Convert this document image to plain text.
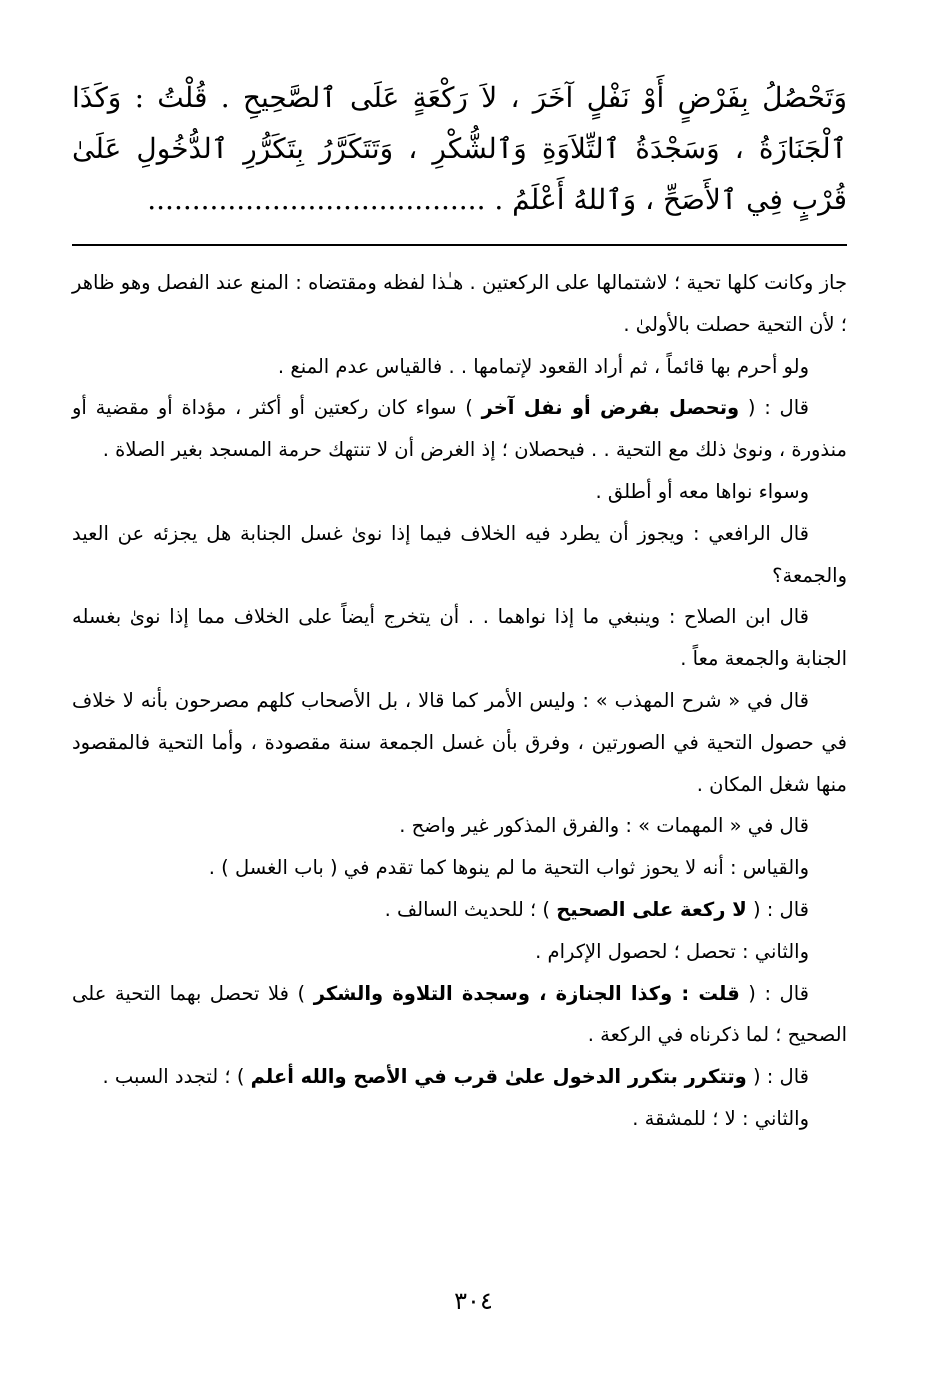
وَتَحْصُلُ بِفَرْضٍ أَوْ نَفْلٍ آخَرَ ، لاَ رَكْعَةٍ عَلَى ٱلصَّحِيحِ . قُلْتُ : وَكَذَا ٱلْجَنَازَةُ ، وَسَجْدَةُ ٱلتِّلاَوَةِ وَٱلشُّكْرِ ، وَتَتَكَرَّرُ بِتَكَرُّرِ ٱلدُّخُولِ عَلَىٰ قُرْبٍ فِي ٱلأَصَحِّ ، وَٱللهُ أَعْلَمُ . ......................................

جاز وكانت كلها تحية ؛ لاشتمالها على الركعتين . هـٰذا لفظه ومقتضاه : المنع عند الفصل وهو ظاهر ؛ لأن التحية حصلت بالأولىٰ .

ولو أحرم بها قائماً ، ثم أراد القعود لإتمامها . . فالقياس عدم المنع .

قال : ( وتحصل بفرض أو نفل آخر ) سواء كان ركعتين أو أكثر ، مؤداة أو مقضية أو منذورة ، ونوىٰ ذلك مع التحية . . فيحصلان ؛ إذ الغرض أن لا تنتهك حرمة المسجد بغير الصلاة .

وسواء نواها معه أو أطلق .

قال الرافعي : ويجوز أن يطرد فيه الخلاف فيما إذا نوىٰ غسل الجنابة هل يجزئه عن العيد والجمعة؟

قال ابن الصلاح : وينبغي ما إذا نواهما . . أن يتخرج أيضاً على الخلاف مما إذا نوىٰ بغسله الجنابة والجمعة معاً .

قال في « شرح المهذب » : وليس الأمر كما قالا ، بل الأصحاب كلهم مصرحون بأنه لا خلاف في حصول التحية في الصورتين ، وفرق بأن غسل الجمعة سنة مقصودة ، وأما التحية فالمقصود منها شغل المكان .

قال في « المهمات » : والفرق المذكور غير واضح .

والقياس : أنه لا يحوز ثواب التحية ما لم ينوها كما تقدم في ( باب الغسل ) .

قال : ( لا ركعة على الصحيح ) ؛ للحديث السالف .

والثاني : تحصل ؛ لحصول الإكرام .

قال : ( قلت : وكذا الجنازة ، وسجدة التلاوة والشكر ) فلا تحصل بهما التحية على الصحيح ؛ لما ذكرناه في الركعة .

قال : ( وتتكرر بتكرر الدخول علىٰ قرب في الأصح والله أعلم ) ؛ لتجدد السبب .

والثاني : لا ؛ للمشقة .

٣٠٤
